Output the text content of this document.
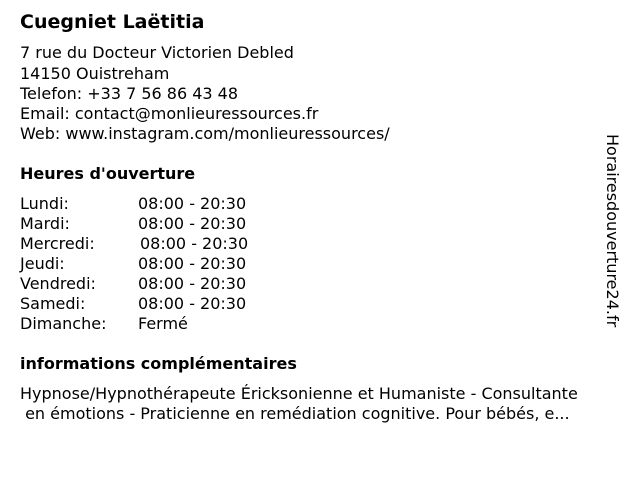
Cuegniet Laëtitia
7 rue du Docteur Victorien Debled
14150 Ouistreham
Telefon: +33 7 56 86 43 48
Email: contact@monlieuressources.fr
Web: www.instagram.com/monlieuressources/
Heures d'ouverture
Lundi:	08:00 - 20:30
Mardi:	08:00 - 20:30
Mercredi:	08:00 - 20:30
Jeudi:	08:00 - 20:30
Vendredi:	08:00 - 20:30
Samedi:	08:00 - 20:30
Dimanche: Fermé
informations complémentaires
Hypnose/Hypnothérapeute Éricksonienne et Humaniste - Consultante
en émotions - Praticienne en remédiation cognitive. Pour bébés, e...
Horairesdouverture24.fr
